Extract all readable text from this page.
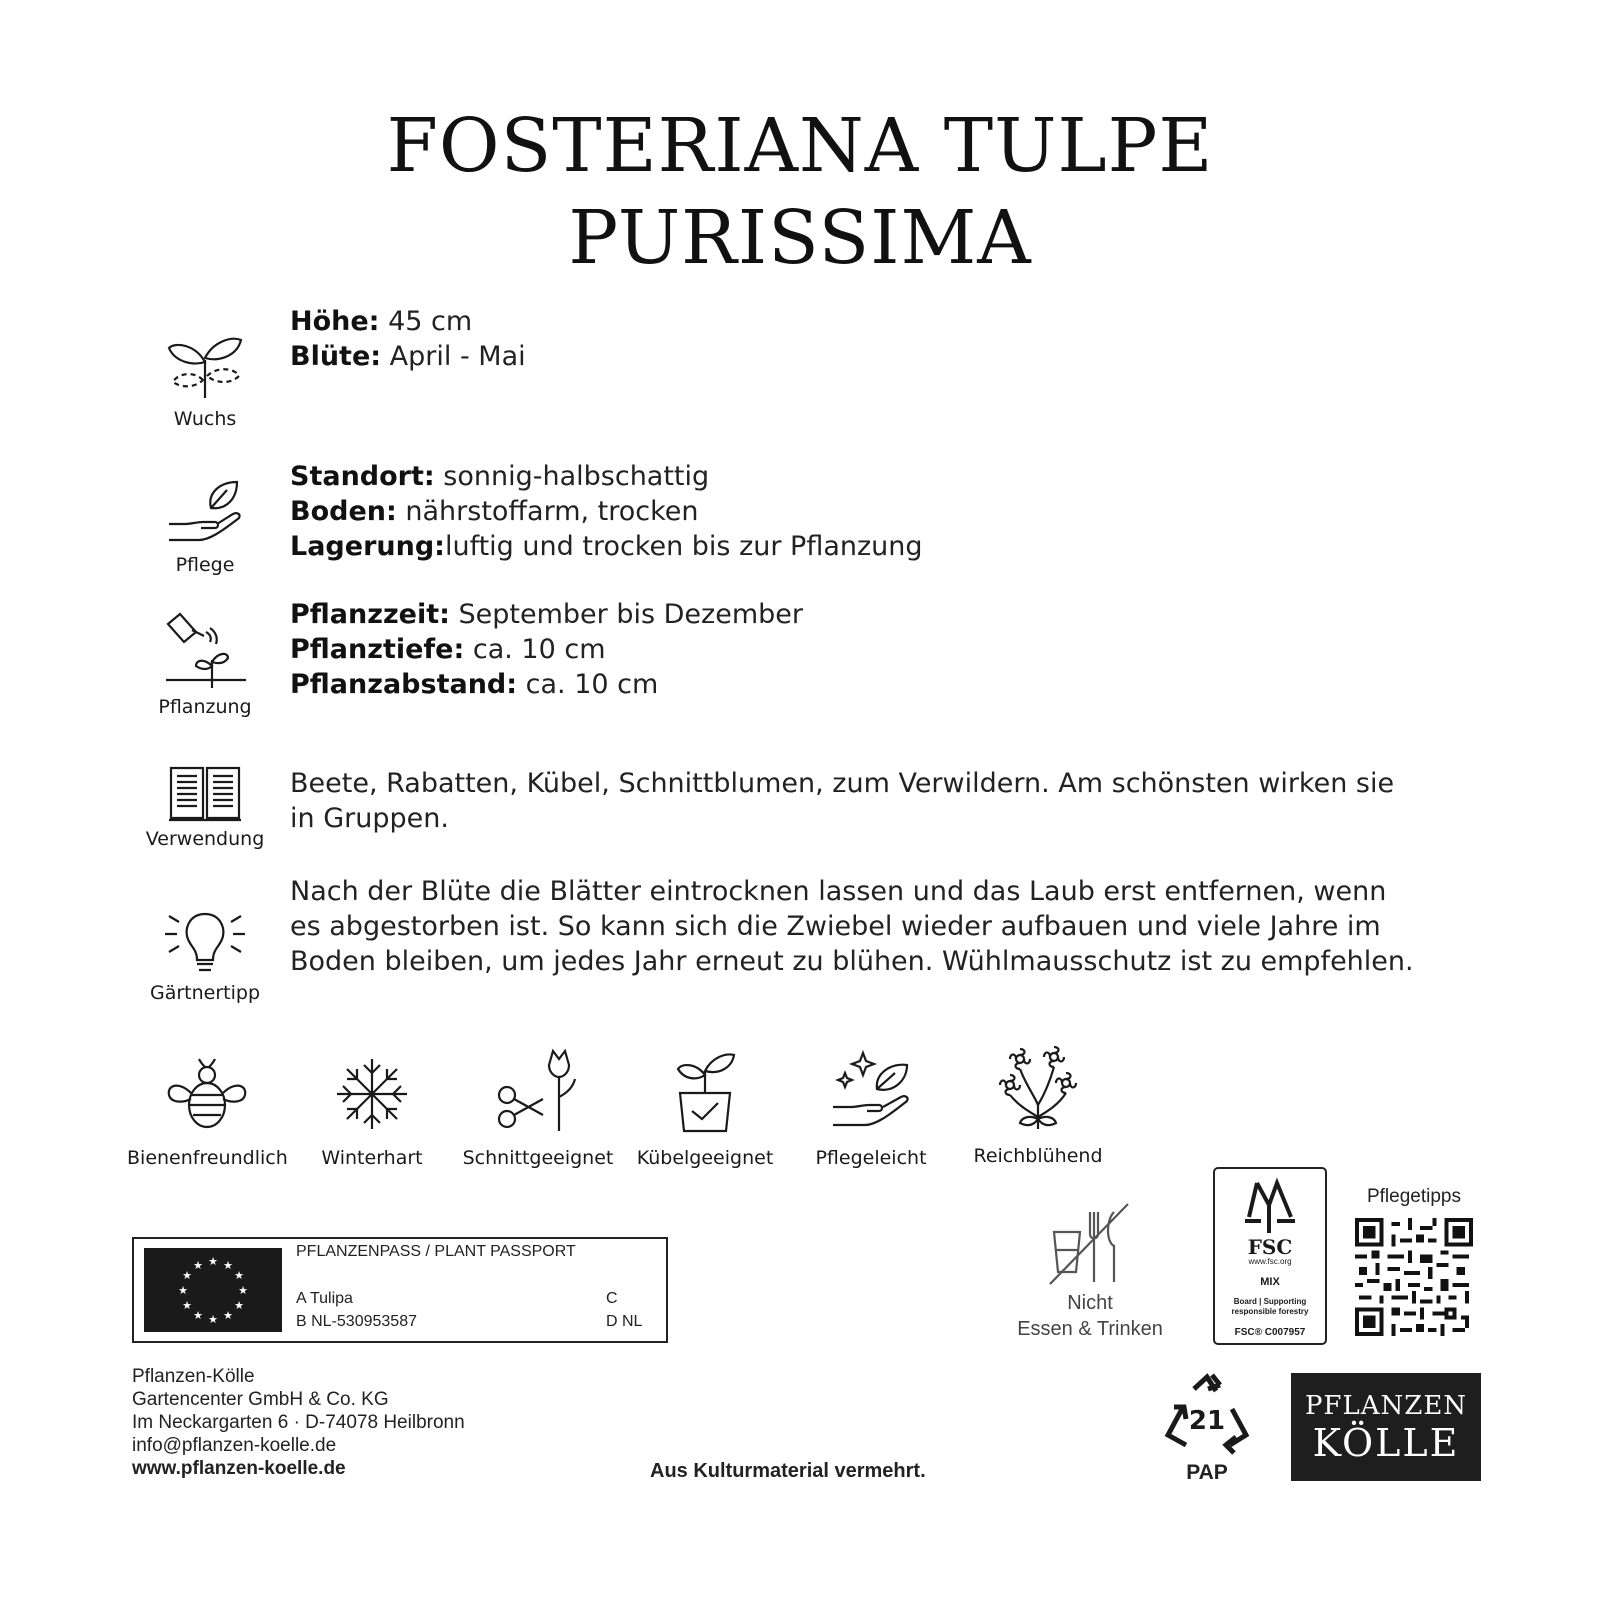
FOSTERIANA TULPE
PURISSIMA
Wuchs
Höhe: 45 cm
Blüte: April - Mai
Pflege
Standort: sonnig-halbschattig
Boden: nährstoffarm, trocken
Lagerung:luftig und trocken bis zur Pflanzung
Pflanzung
Pflanzzeit: September bis Dezember
Pflanztiefe: ca. 10 cm
Pflanzabstand: ca. 10 cm
Verwendung
Beete, Rabatten, Kübel, Schnittblumen, zum Verwildern. Am schönsten wirken sie in Gruppen.
Gärtnertipp
Nach der Blüte die Blätter eintrocknen lassen und das Laub erst entfernen, wenn es abgestorben ist. So kann sich die Zwiebel wieder aufbauen und viele Jahre im Boden bleiben, um jedes Jahr erneut zu blühen. Wühlmausschutz ist zu empfehlen.
Bienenfreundlich	Winterhart	Schnittgeeignet	Kübelgeeignet	Pflegeleicht	Reichblühend
★ ★
★
★
★
★
★
★
★
★
★
★
PFLANZENPASS / PLANT PASSPORT
A Tulipa
B NL-530953587
C
D NL
Nicht
Essen & Trinken
FSC
www.fsc.org
MIX
Board | Supporting
responsible forestry
FSC® C007957
Pflegetipps
Pflanzen-Kölle
Gartencenter GmbH & Co. KG
Im Neckargarten 6 · D-74078 Heilbronn
info@pflanzen-koelle.de
www.pflanzen-koelle.de	Aus Kulturmaterial vermehrt.
21
PAP
PFLANZEN
KÖLLE
